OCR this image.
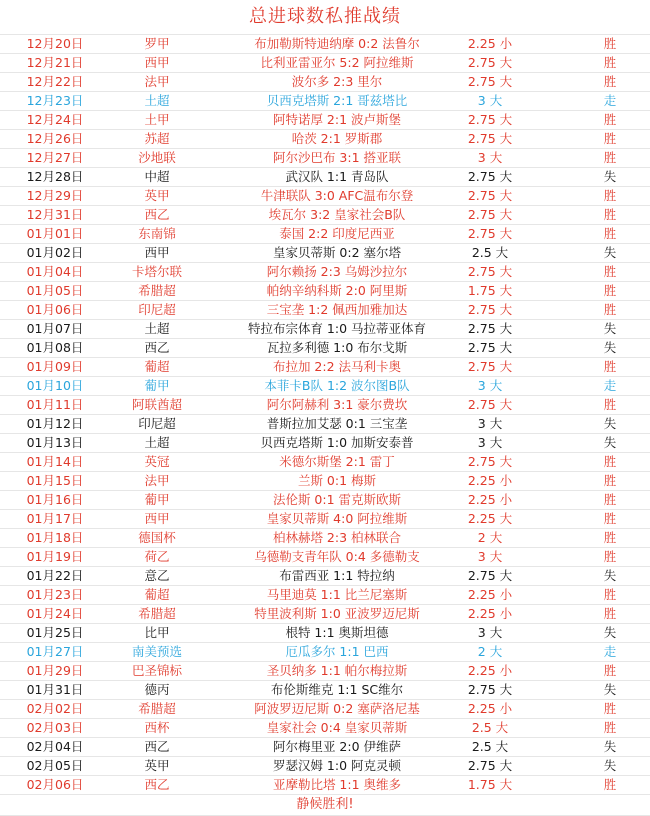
总进球数私推战绩
12月20日	罗甲	布加勒斯特迪纳摩 0:2 法鲁尔	2.25 小	胜
12月21日	西甲	比利亚雷亚尔 5:2 阿拉维斯	2.75 大	胜
12月22日	法甲	波尔多 2:3 里尔	2.75 大	胜
12月23日	土超	贝西克塔斯 2:1 哥兹塔比	3 大	走
12月24日	土甲	阿特诺厚 2:1 波卢斯堡	2.75 大	胜
12月26日	苏超	哈茨 2:1 罗斯郡	2.75 大	胜
12月27日	沙地联	阿尔沙巴布 3:1 搭亚联	3 大	胜
12月28日	中超	武汉队 1:1 青岛队	2.75 大	失
12月29日	英甲	牛津联队 3:0 AFC温布尔登	2.75 大	胜
12月31日	西乙	埃瓦尔 3:2 皇家社会B队	2.75 大	胜
01月01日	东南锦	泰国 2:2 印度尼西亚	2.75 大	胜
01月02日	西甲	皇家贝蒂斯 0:2 塞尔塔	2.5 大	失
01月04日	卡塔尔联	阿尔赖扬 2:3 乌姆沙拉尔	2.75 大	胜
01月05日	希腊超	帕纳辛纳科斯 2:0 阿里斯	1.75 大	胜
01月06日	印尼超	三宝垄 1:2 佩西加雅加达	2.75 大	胜
01月07日	土超	特拉布宗体育 1:0 马拉蒂亚体育	2.75 大	失
01月08日	西乙	瓦拉多利德 1:0 布尔戈斯	2.75 大	失
01月09日	葡超	布拉加 2:2 法马利卡奥	2.75 大	胜
01月10日	葡甲	本菲卡B队 1:2 波尔图B队	3 大	走
01月11日	阿联酋超	阿尔阿赫利 3:1 豪尔费坎	2.75 大	胜
01月12日	印尼超	普斯拉加艾瑟 0:1 三宝垄	3 大	失
01月13日	土超	贝西克塔斯 1:0 加斯安泰普	3 大	失
01月14日	英冠	米德尔斯堡 2:1 雷丁	2.75 大	胜
01月15日	法甲	兰斯 0:1 梅斯	2.25 小	胜
01月16日	葡甲	法伦斯 0:1 雷克斯欧斯	2.25 小	胜
01月17日	西甲	皇家贝蒂斯 4:0 阿拉维斯	2.25 大	胜
01月18日	德国杯	柏林赫塔 2:3 柏林联合	2 大	胜
01月19日	荷乙	乌德勒支青年队 0:4 多德勒支	3 大	胜
01月22日	意乙	布雷西亚 1:1 特拉纳	2.75 大	失
01月23日	葡超	马里迪莫 1:1 比兰尼塞斯	2.25 小	胜
01月24日	希腊超	特里波利斯 1:0 亚波罗迈尼斯	2.25 小	胜
01月25日	比甲	根特 1:1 奥斯坦德	3 大	失
01月27日	南美预选	厄瓜多尔 1:1 巴西	2 大	走
01月29日	巴圣锦标	圣贝纳多 1:1 帕尔梅拉斯	2.25 小	胜
01月31日	德丙	布伦斯维克 1:1 SC维尔	2.75 大	失
02月02日	希腊超	阿波罗迈尼斯 0:2 塞萨洛尼基	2.25 小	胜
02月03日	西杯	皇家社会 0:4 皇家贝蒂斯	2.5 大	胜
02月04日	西乙	阿尔梅里亚 2:0 伊维萨	2.5 大	失
02月05日	英甲	罗瑟汉姆 1:0 阿克灵顿	2.75 大	失
02月06日	西乙	亚摩勒比塔 1:1 奥维多	1.75 大	胜
静候胜利!
